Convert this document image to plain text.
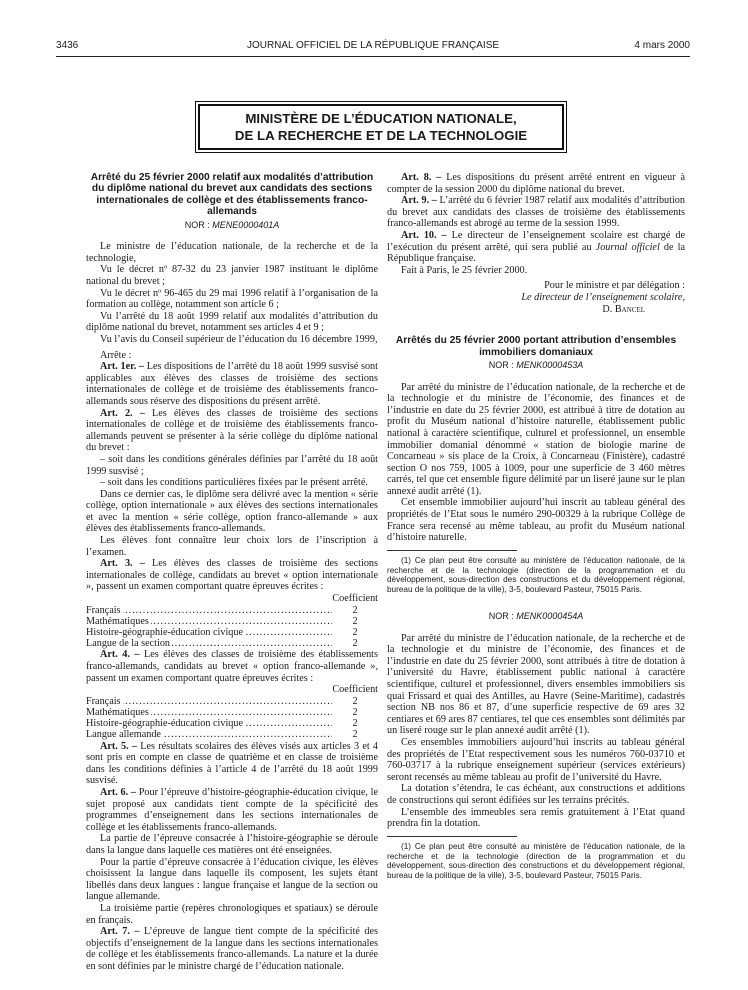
3436	JOURNAL OFFICIEL DE LA RÉPUBLIQUE FRANÇAISE	4 mars 2000
MINISTÈRE DE L’ÉDUCATION NATIONALE,
DE LA RECHERCHE ET DE LA TECHNOLOGIE

Arrêté du 25 février 2000 relatif aux modalités d’attribution du diplôme national du brevet aux candidats des sections internationales de collège et des établissements franco-allemands

NOR : MENE0000401A

Le ministre de l’éducation nationale, de la recherche et de la technologie,

Vu le décret nº 87-32 du 23 janvier 1987 instituant le diplôme national du brevet ;

Vu le décret nº 96-465 du 29 mai 1996 relatif à l’organisation de la formation au collège, notamment son article 6 ;

Vu l’arrêté du 18 août 1999 relatif aux modalités d’attribution du diplôme national du brevet, notamment ses articles 4 et 9 ;

Vu l’avis du Conseil supérieur de l’éducation du 16 décembre 1999,

Arrête :

Art. 1er. – Les dispositions de l’arrêté du 18 août 1999 susvisé sont applicables aux élèves des classes de troisième des sections internationales de collège et de troisième des établissements franco-allemands sous réserve des dispositions du présent arrêté.

Art. 2. – Les élèves des classes de troisième des sections internationales de collège et de troisième des établissements franco-allemands peuvent se présenter à la série collège du diplôme national du brevet :

– soit dans les conditions générales définies par l’arrêté du 18 août 1999 susvisé ;

– soit dans les conditions particulières fixées par le présent arrêté.

Dans ce dernier cas, le diplôme sera délivré avec la mention « série collège, option internationale » aux élèves des sections internationales et avec la mention « série collège, option franco-allemande » aux élèves des établissements franco-allemands.

Les élèves font connaître leur choix lors de l’inscription à l’examen.

Art. 3. – Les élèves des classes de troisième des sections internationales de collège, candidats au brevet « option internationale », passent un examen comportant quatre épreuves écrites :

Coefficient

Français .....	2
Mathématiques .....	2
Histoire-géographie-éducation civique .....	2
Langue de la section .....	2

Art. 4. – Les élèves des classes de troisième des établissements franco-allemands, candidats au brevet « option franco-allemande », passent un examen comportant quatre épreuves écrites :

Coefficient

Français .....	2
Mathématiques .....	2
Histoire-géographie-éducation civique .....	2
Langue allemande .....	2

Art. 5. – Les résultats scolaires des élèves visés aux articles 3 et 4 sont pris en compte en classe de quatrième et en classe de troisième dans les conditions définies à l’article 4 de l’arrêté du 18 août 1999 susvisé.

Art. 6. – Pour l’épreuve d’histoire-géographie-éducation civique, le sujet proposé aux candidats tient compte de la spécificité des programmes d’enseignement dans les sections internationales de collège et les établissements franco-allemands.

La partie de l’épreuve consacrée à l’histoire-géographie se déroule dans la langue dans laquelle ces matières ont été enseignées.

Pour la partie d’épreuve consacrée à l’éducation civique, les élèves choisissent la langue dans laquelle ils composent, les sujets étant libellés dans deux langues : langue française et langue de la section ou langue allemande.

La troisième partie (repères chronologiques et spatiaux) se déroule en français.

Art. 7. – L’épreuve de langue tient compte de la spécificité des objectifs d’enseignement de la langue dans les sections internationales de collège et les établissements franco-allemands. La nature et la durée en sont définies par le ministre chargé de l’éducation nationale.

Art. 8. – Les dispositions du présent arrêté entrent en vigueur à compter de la session 2000 du diplôme national du brevet.

Art. 9. – L’arrêté du 6 février 1987 relatif aux modalités d’attribution du brevet aux candidats des classes de troisième des établissements franco-allemands est abrogé au terme de la session 1999.

Art. 10. – Le directeur de l’enseignement scolaire est chargé de l’exécution du présent arrêté, qui sera publié au Journal officiel de la République française.

Fait à Paris, le 25 février 2000.

Pour le ministre et par délégation :

Le directeur de l’enseignement scolaire,

D. Bancel

Arrêtés du 25 février 2000 portant attribution d’ensembles immobiliers domaniaux

NOR : MENK0000453A

Par arrêté du ministre de l’éducation nationale, de la recherche et de la technologie et du ministre de l’économie, des finances et de l’industrie en date du 25 février 2000, est attribué à titre de dotation au profit du Muséum national d’histoire naturelle, établissement public national à caractère scientifique, culturel et professionnel, un ensemble immobilier domanial dénommé « station de biologie marine de Concarneau » sis place de la Croix, à Concarneau (Finistère), cadastré section O nos 759, 1005 à 1009, pour une superficie de 3 460 mètres carrés, tel que cet ensemble figure délimité par un liseré jaune sur le plan annexé audit arrêté (1).

Cet ensemble immobilier aujourd’hui inscrit au tableau général des propriétés de l’Etat sous le numéro 290-00329 à la rubrique Collège de France sera recensé au même tableau, au profit du Muséum national d’histoire naturelle.

(1) Ce plan peut être consulté au ministère de l’éducation nationale, de la recherche et de la technologie (direction de la programmation et du développement, sous-direction des constructions et du développement régional, bureau de la politique de la ville), 3-5, boulevard Pasteur, 75015 Paris.

NOR : MENK0000454A

Par arrêté du ministre de l’éducation nationale, de la recherche et de la technologie et du ministre de l’économie, des finances et de l’industrie en date du 25 février 2000, sont attribués à titre de dotation à l’université du Havre, établissement public national à caractère scientifique, culturel et professionnel, divers ensembles immobiliers sis quai Frissard et quai des Antilles, au Havre (Seine-Maritime), cadastrés section NB nos 86 et 87, d’une superficie respective de 69 ares 32 centiares et 69 ares 87 centiares, tel que ces ensembles sont délimités par un liseré rouge sur le plan annexé audit arrêté (1).

Ces ensembles immobiliers aujourd’hui inscrits au tableau général des propriétés de l’Etat respectivement sous les numéros 760-03710 et 760-03717 à la rubrique enseignement supérieur (services extérieurs) seront recensés au même tableau au profit de l’université du Havre.

La dotation s’étendra, le cas échéant, aux constructions et additions de constructions qui seront édifiées sur les terrains précités.

L’ensemble des immeubles sera remis gratuitement à l’Etat quand prendra fin la dotation.

(1) Ce plan peut être consulté au ministère de l’éducation nationale, de la recherche et de la technologie (direction de la programmation et du développement, sous-direction des constructions et du développement régional, bureau de la politique de la ville), 3-5, boulevard Pasteur, 75015 Paris.
